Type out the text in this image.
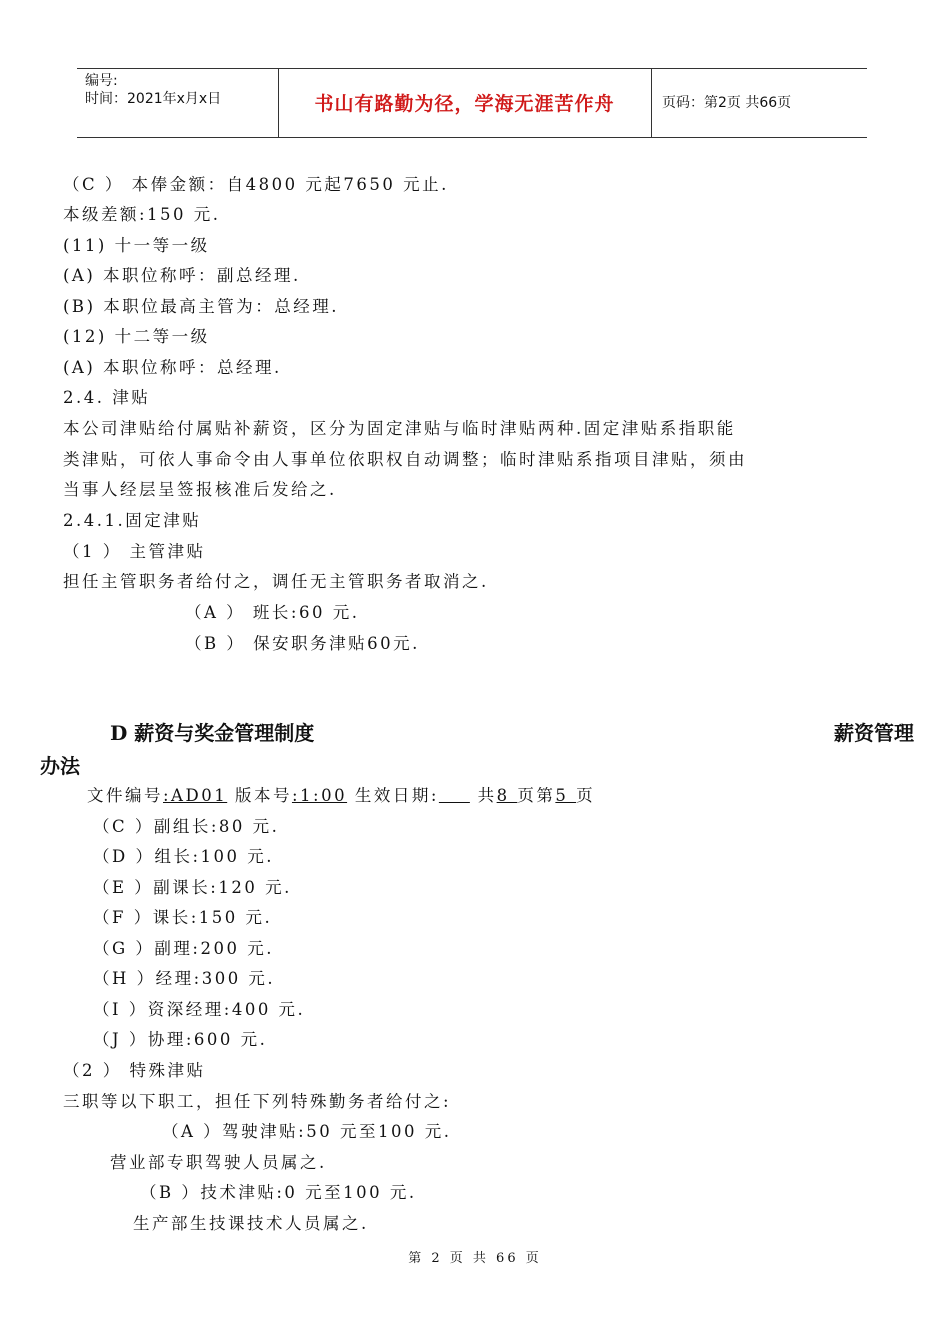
编号:
时间：2021年x月x日	书山有路勤为径，学海无涯苦作舟	页码：第2页 共66页
（C ） 本俸金额：自4800 元起7650 元止.
本级差额:150 元.
(11) 十一等一级
(A) 本职位称呼：副总经理.
(B) 本职位最高主管为：总经理.
(12) 十二等一级
(A) 本职位称呼：总经理.
2.4. 津贴
本公司津贴给付属贴补薪资，区分为固定津贴与临时津贴两种.固定津贴系指职能
类津贴，可依人事命令由人事单位依职权自动调整；临时津贴系指项目津贴，须由
当事人经层呈签报核准后发给之.
2.4.1.固定津贴
（1 ） 主管津贴
担任主管职务者给付之，调任无主管职务者取消之.
（A ） 班长:60 元.
（B ） 保安职务津贴60元.
D 薪资与奖金管理制度	薪资管理
办法
文件编号:AD01 版本号:1:00 生效日期: 共8 页第5 页
（C ）副组长:80 元.
（D ）组长:100 元.
（E ）副课长:120 元.
（F ）课长:150 元.
（G ）副理:200 元.
（H ）经理:300 元.
（I ）资深经理:400 元.
（J ）协理:600 元.
（2 ） 特殊津贴
三职等以下职工，担任下列特殊勤务者给付之:
（A ）驾驶津贴:50 元至100 元.
营业部专职驾驶人员属之.
（B ）技术津贴:0 元至100 元.
生产部生技课技术人员属之.
第 2 页 共 66 页
